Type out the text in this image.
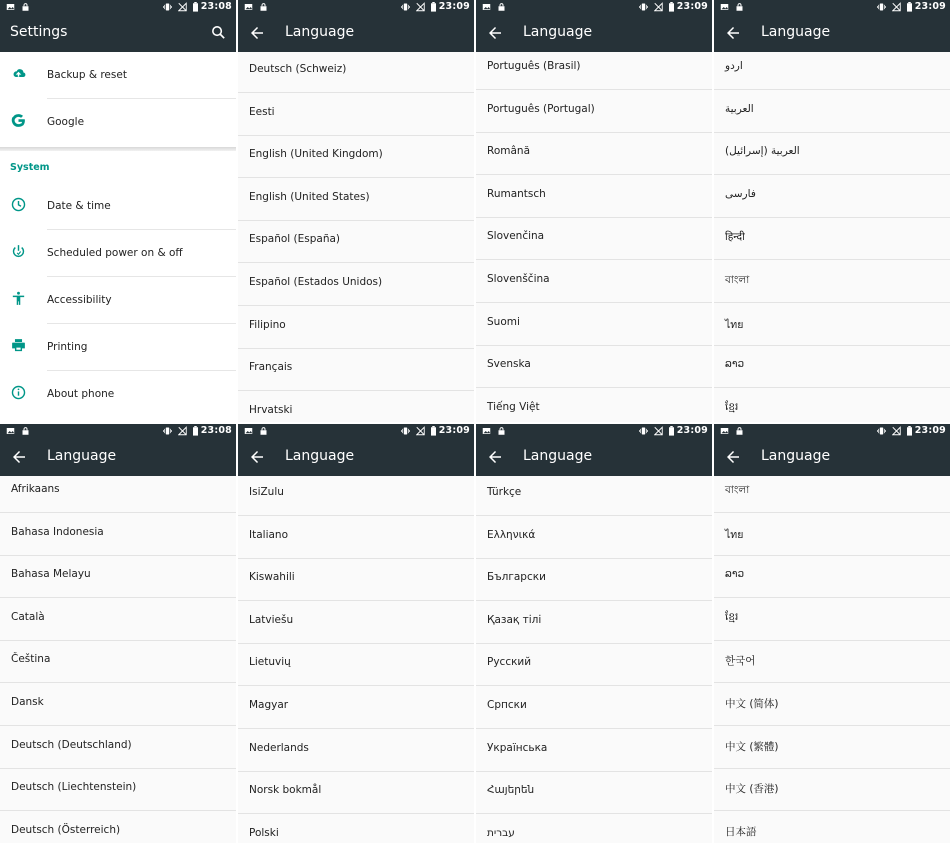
Settings
Backup & reset
Google
System
Date & time
Scheduled power on & off
Accessibility
Printing
About phone
23:08
Language
Deutsch (Schweiz)
Eesti
English (United Kingdom)
English (United States)
Español (España)
Español (Estados Unidos)
Filipino
Français
Hrvatski
23:09
Language
Português (Brasil)
Português (Portugal)
Română
Rumantsch
Slovenčina
Slovenščina
Suomi
Svenska
Tiếng Việt
23:09
Language
اردو
العربية
العربية (إسرائيل)
فارسی
हिन्दी
বাংলা
ไทย
ລາວ
ខ្មែរ
23:09
Language
Afrikaans
Bahasa Indonesia
Bahasa Melayu
Català
Čeština
Dansk
Deutsch (Deutschland)
Deutsch (Liechtenstein)
Deutsch (Österreich)
23:08
Language
IsiZulu
Italiano
Kiswahili
Latviešu
Lietuvių
Magyar
Nederlands
Norsk bokmål
Polski
23:09
Language
Türkçe
Ελληνικά
Български
Қазақ тілі
Русский
Српски
Українська
Հայերեն
עברית
23:09
Language
বাংলা
ไทย
ລາວ
ខ្មែរ
한국어
中文 (简体)
中文 (繁體)
中文 (香港)
日本語
23:09
